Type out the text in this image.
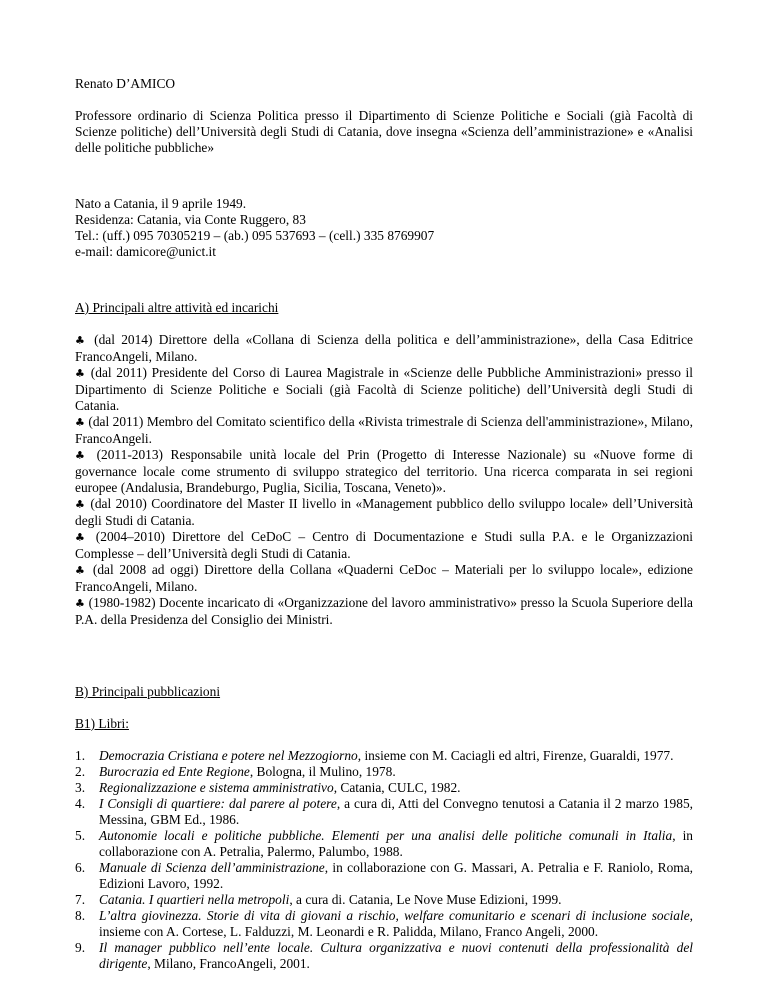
Renato D’AMICO

Professore ordinario di Scienza Politica presso il Dipartimento di Scienze Politiche e Sociali (già Facoltà di Scienze politiche) dell’Università degli Studi di Catania, dove insegna «Scienza dell’amministrazione» e «Analisi delle politiche pubbliche»

Nato a Catania, il 9 aprile 1949.

Residenza: Catania, via Conte Ruggero, 83

Tel.: (uff.) 095 70305219 – (ab.) 095 537693 – (cell.) 335 8769907

e-mail: damicore@unict.it

A) Principali altre attività ed incarichi

♣ (dal 2014) Direttore della «Collana di Scienza della politica e dell’amministrazione», della Casa Editrice FrancoAngeli, Milano.

♣ (dal 2011) Presidente del Corso di Laurea Magistrale in «Scienze delle Pubbliche Amministrazioni» presso il Dipartimento di Scienze Politiche e Sociali (già Facoltà di Scienze politiche) dell’Università degli Studi di Catania.

♣ (dal 2011) Membro del Comitato scientifico della «Rivista trimestrale di Scienza dell'amministrazione», Milano, FrancoAngeli.

♣ (2011-2013) Responsabile unità locale del Prin (Progetto di Interesse Nazionale) su «Nuove forme di governance locale come strumento di sviluppo strategico del territorio. Una ricerca comparata in sei regioni europee (Andalusia, Brandeburgo, Puglia, Sicilia, Toscana, Veneto)».

♣ (dal 2010) Coordinatore del Master II livello in «Management pubblico dello sviluppo locale» dell’Università degli Studi di Catania.

♣ (2004–2010) Direttore del CeDoC – Centro di Documentazione e Studi sulla P.A. e le Organizzazioni Complesse – dell’Università degli Studi di Catania.

♣ (dal 2008 ad oggi) Direttore della Collana «Quaderni CeDoc – Materiali per lo sviluppo locale», edizione FrancoAngeli, Milano.

♣ (1980-1982) Docente incaricato di «Organizzazione del lavoro amministrativo» presso la Scuola Superiore della P.A. della Presidenza del Consiglio dei Ministri.

B) Principali pubblicazioni

B1) Libri:

1. Democrazia Cristiana e potere nel Mezzogiorno, insieme con M. Caciagli ed altri, Firenze, Guaraldi, 1977.
2. Burocrazia ed Ente Regione, Bologna, il Mulino, 1978.
3. Regionalizzazione e sistema amministrativo, Catania, CULC, 1982.
4. I Consigli di quartiere: dal parere al potere, a cura di, Atti del Convegno tenutosi a Catania il 2 marzo 1985, Messina, GBM Ed., 1986.
5. Autonomie locali e politiche pubbliche. Elementi per una analisi delle politiche comunali in Italia, in collaborazione con A. Petralia, Palermo, Palumbo, 1988.
6. Manuale di Scienza dell’amministrazione, in collaborazione con G. Massari, A. Petralia e F. Raniolo, Roma, Edizioni Lavoro, 1992.
7. Catania. I quartieri nella metropoli, a cura di. Catania, Le Nove Muse Edizioni, 1999.
8. L’altra giovinezza. Storie di vita di giovani a rischio, welfare comunitario e scenari di inclusione sociale, insieme con A. Cortese, L. Falduzzi, M. Leonardi e R. Palidda, Milano, Franco Angeli, 2000.
9. Il manager pubblico nell’ente locale. Cultura organizzativa e nuovi contenuti della professionalità del dirigente, Milano, FrancoAngeli, 2001.
